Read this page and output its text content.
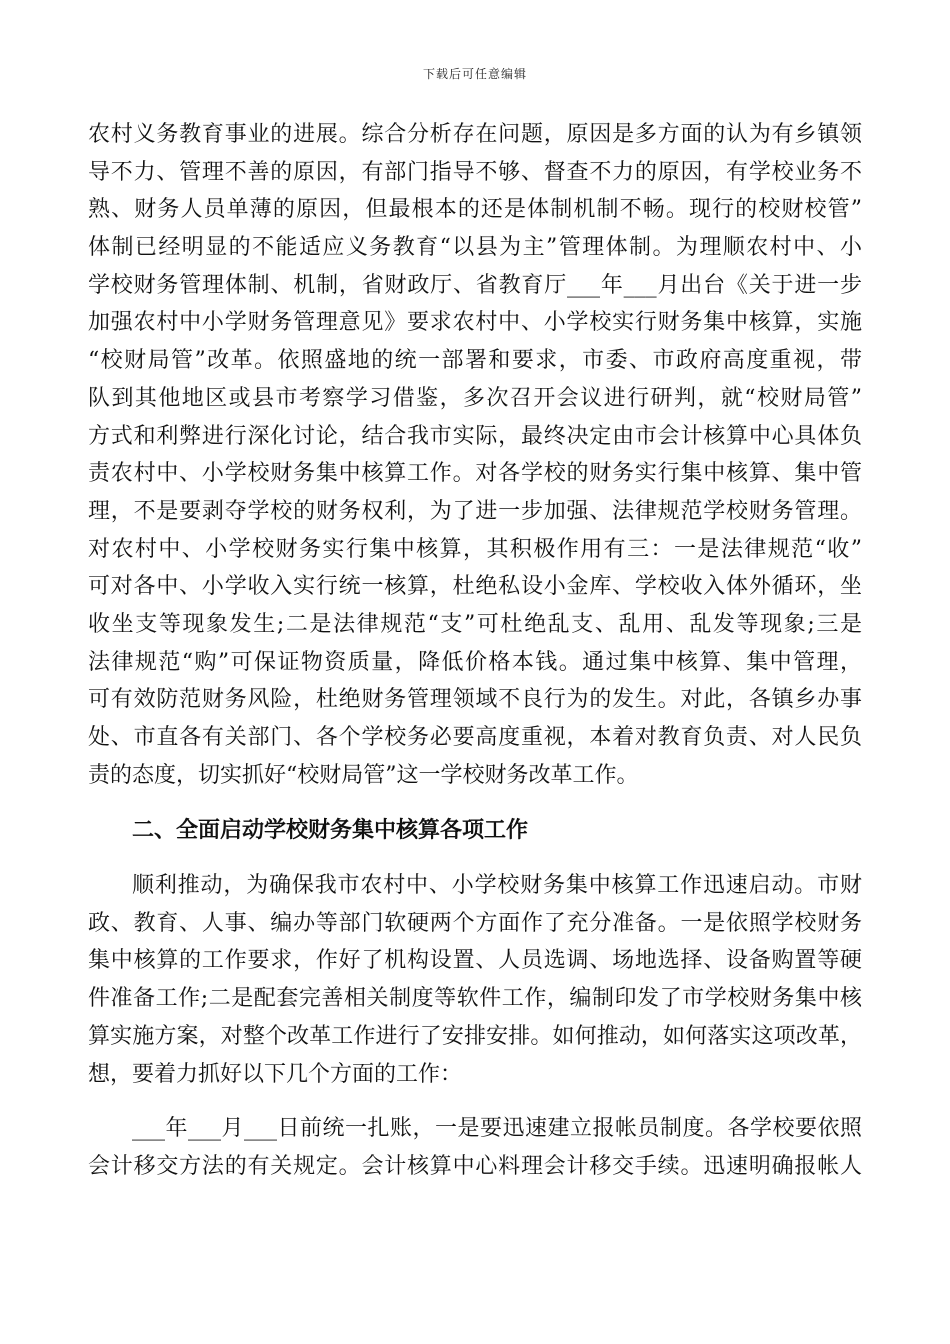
下载后可任意编辑
农村义务教育事业的进展。综合分析存在问题，原因是多方面的认为有乡镇领
导不力、管理不善的原因，有部门指导不够、督查不力的原因，有学校业务不
熟、财务人员单薄的原因，但最根本的还是体制机制不畅。现行的校财校管”
体制已经明显的不能适应义务教育“以县为主”管理体制。为理顺农村中、小
学校财务管理体制、机制，省财政厅、省教育厅___年___月出台《关于进一步
加强农村中小学财务管理意见》要求农村中、小学校实行财务集中核算，实施
“校财局管”改革。依照盛地的统一部署和要求，市委、市政府高度重视，带
队到其他地区或县市考察学习借鉴，多次召开会议进行研判，就“校财局管”
方式和利弊进行深化讨论，结合我市实际，最终决定由市会计核算中心具体负
责农村中、小学校财务集中核算工作。对各学校的财务实行集中核算、集中管
理，不是要剥夺学校的财务权利，为了进一步加强、法律规范学校财务管理。
对农村中、小学校财务实行集中核算，其积极作用有三：一是法律规范“收”
可对各中、小学收入实行统一核算，杜绝私设小金库、学校收入体外循环，坐
收坐支等现象发生;二是法律规范“支”可杜绝乱支、乱用、乱发等现象;三是
法律规范“购”可保证物资质量，降低价格本钱。通过集中核算、集中管理，
可有效防范财务风险，杜绝财务管理领域不良行为的发生。对此，各镇乡办事
处、市直各有关部门、各个学校务必要高度重视，本着对教育负责、对人民负
责的态度，切实抓好“校财局管”这一学校财务改革工作。
二、全面启动学校财务集中核算各项工作
顺利推动，为确保我市农村中、小学校财务集中核算工作迅速启动。市财
政、教育、人事、编办等部门软硬两个方面作了充分准备。一是依照学校财务
集中核算的工作要求，作好了机构设置、人员选调、场地选择、设备购置等硬
件准备工作;二是配套完善相关制度等软件工作，编制印发了市学校财务集中核
算实施方案，对整个改革工作进行了安排安排。如何推动，如何落实这项改革，
想，要着力抓好以下几个方面的工作：
___年___月___日前统一扎账，一是要迅速建立报帐员制度。各学校要依照
会计移交方法的有关规定。会计核算中心料理会计移交手续。迅速明确报帐人
